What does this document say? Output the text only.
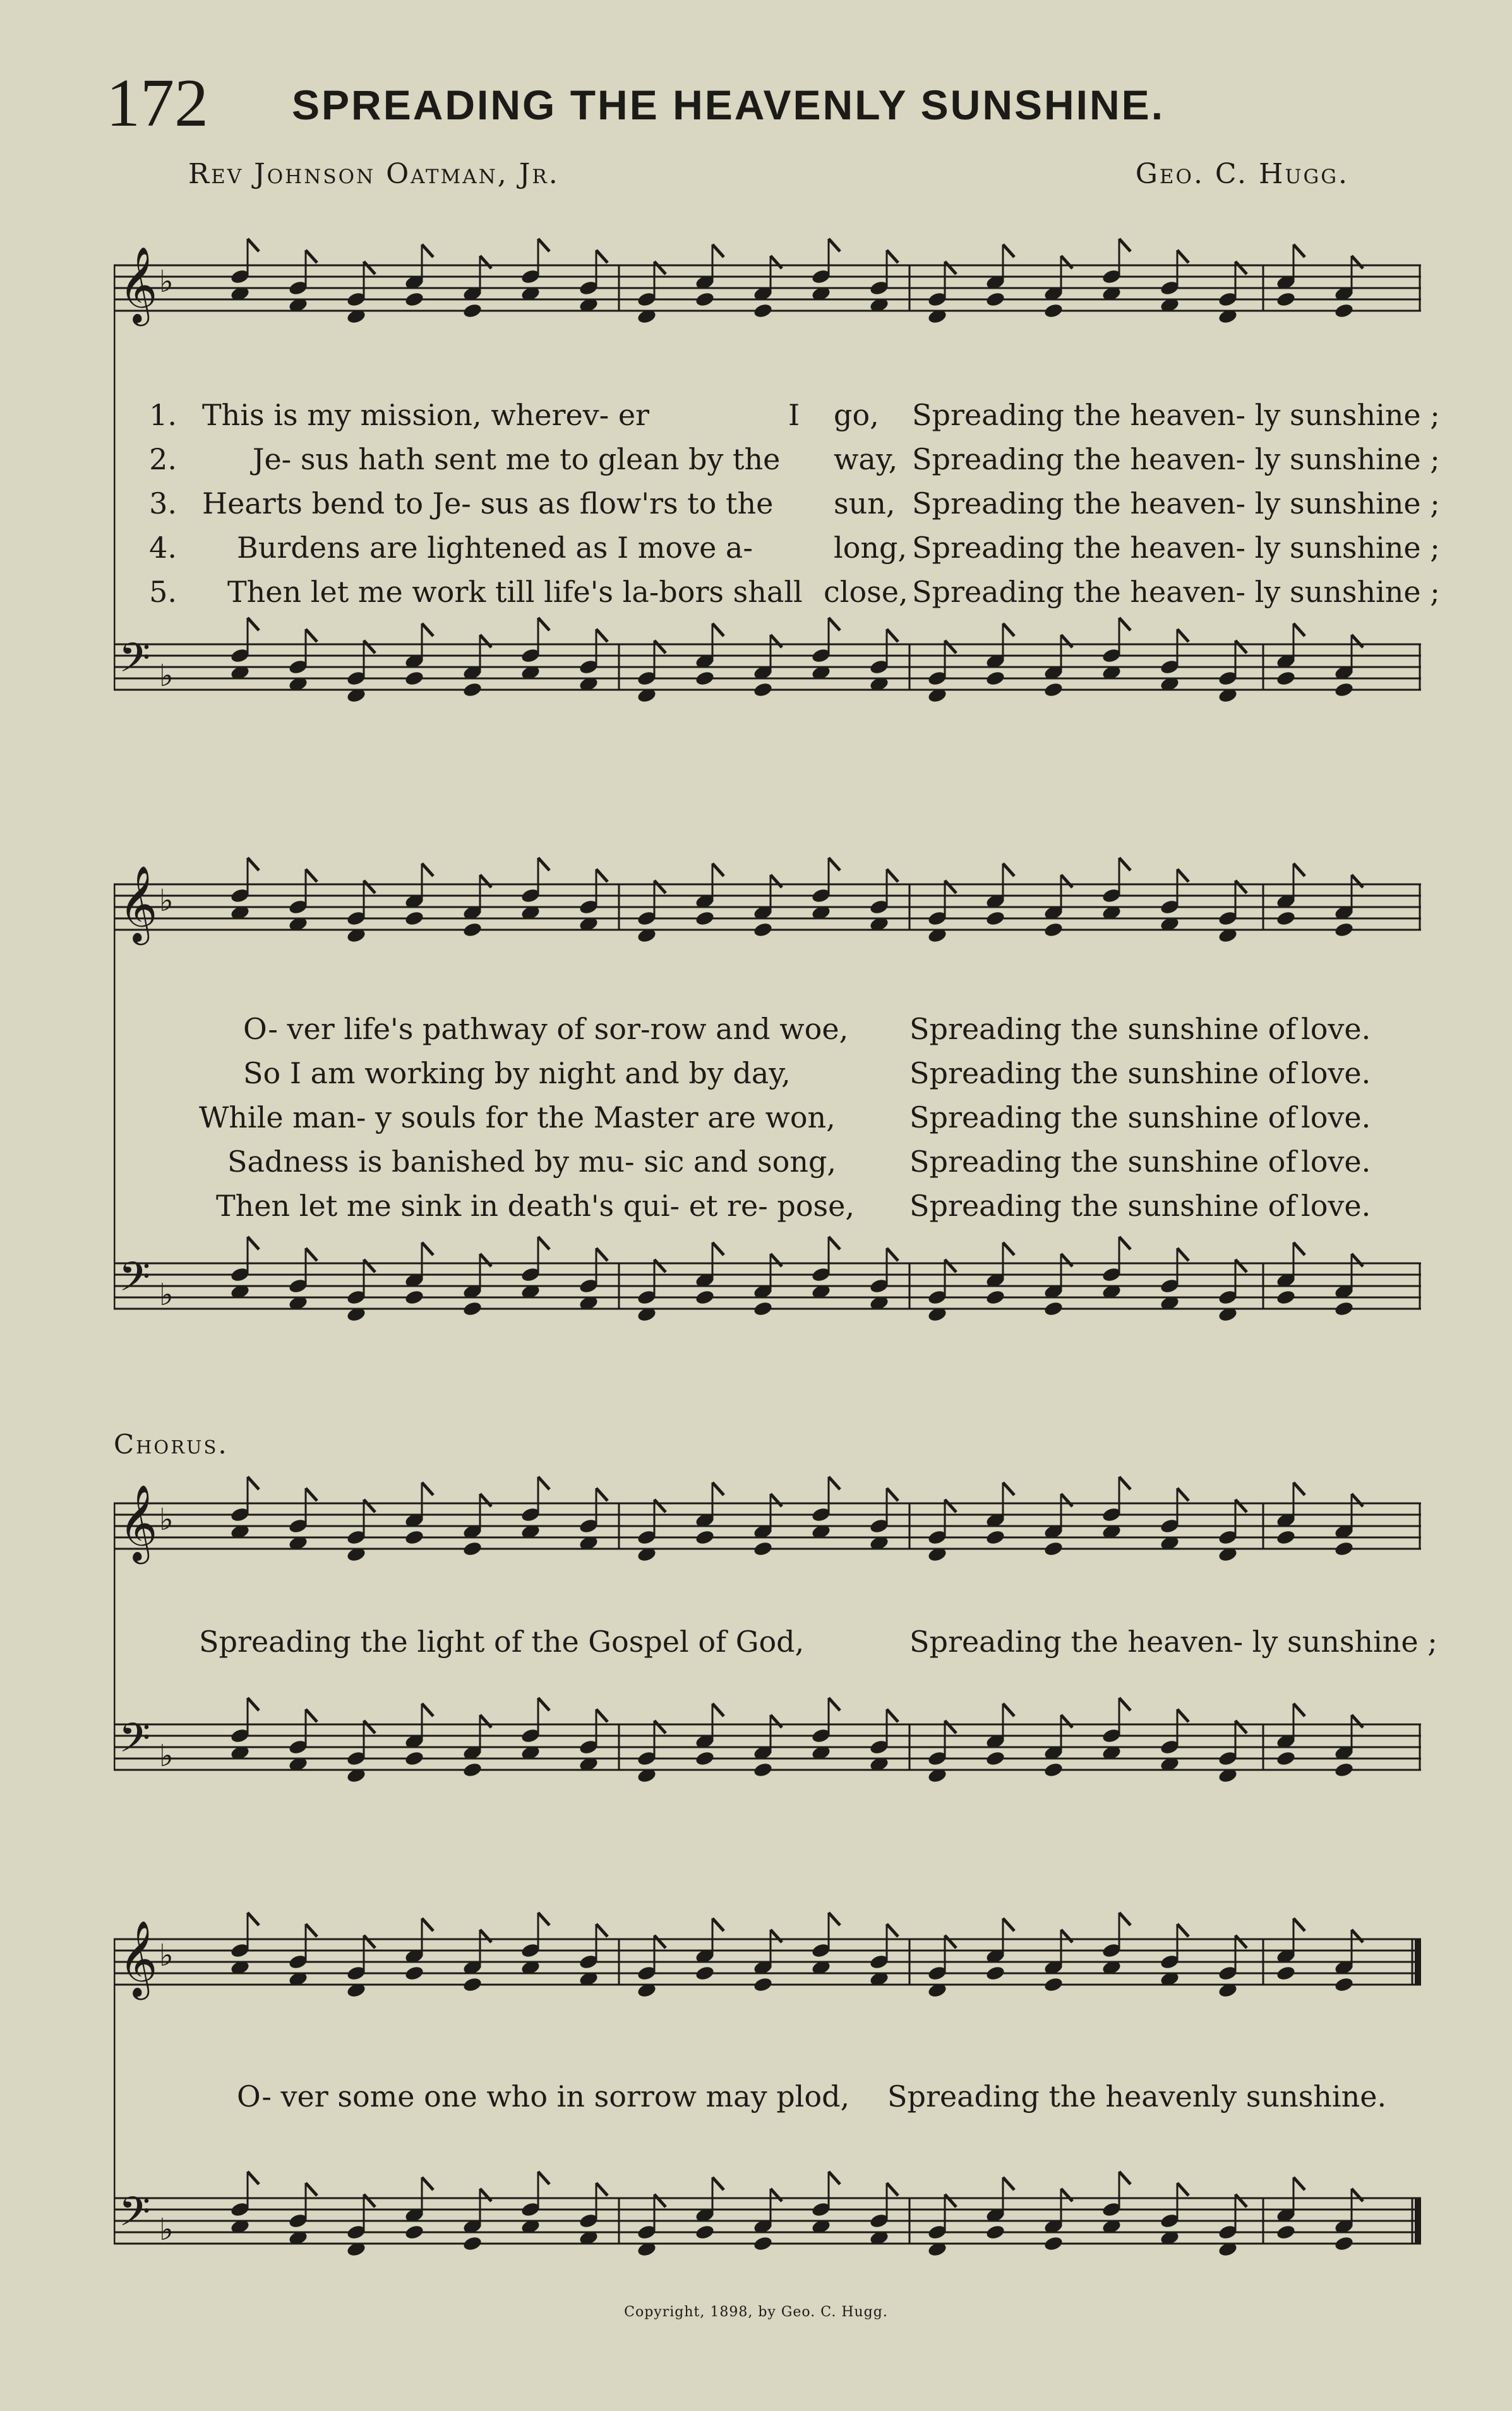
172 SPREADING THE HEAVENLY SUNSHINE.
Rev Johnson Oatman, Jr.	Geo. C. Hugg.
𝄞 ♭
𝄢 ♭
1. This is my mission, wherev- er	I go, Spreading the heaven- ly sunshine ;
2.	Je- sus hath sent me to glean by the way, Spreading the heaven- ly sunshine ;
3. Hearts bend to Je- sus as flow'rs to the sun, Spreading the heaven- ly sunshine ;
4. Burdens are lightened as I move a-	long, Spreading the heaven- ly sunshine ;
5. Then let me work till life's la-bors shall close, Spreading the heaven- ly sunshine ;
𝄞 ♭
𝄢 ♭
O- ver life's pathway of sor-row and woe, Spreading the sunshine of love.
So I am working by night and by day,	Spreading the sunshine of love.
While man- y souls for the Master are won,	Spreading the sunshine of love.
Sadness is banished by mu- sic and song,	Spreading the sunshine of love.
Then let me sink in death's qui- et re- pose, Spreading the sunshine of love.
Chorus.
𝄞 ♭
𝄢 ♭
Spreading the light of the Gospel of God,	Spreading the heaven- ly sunshine ;
𝄞 ♭
𝄢 ♭
O- ver some one who in sorrow may plod, Spreading the heavenly sunshine.
Copyright, 1898, by Geo. C. Hugg.
